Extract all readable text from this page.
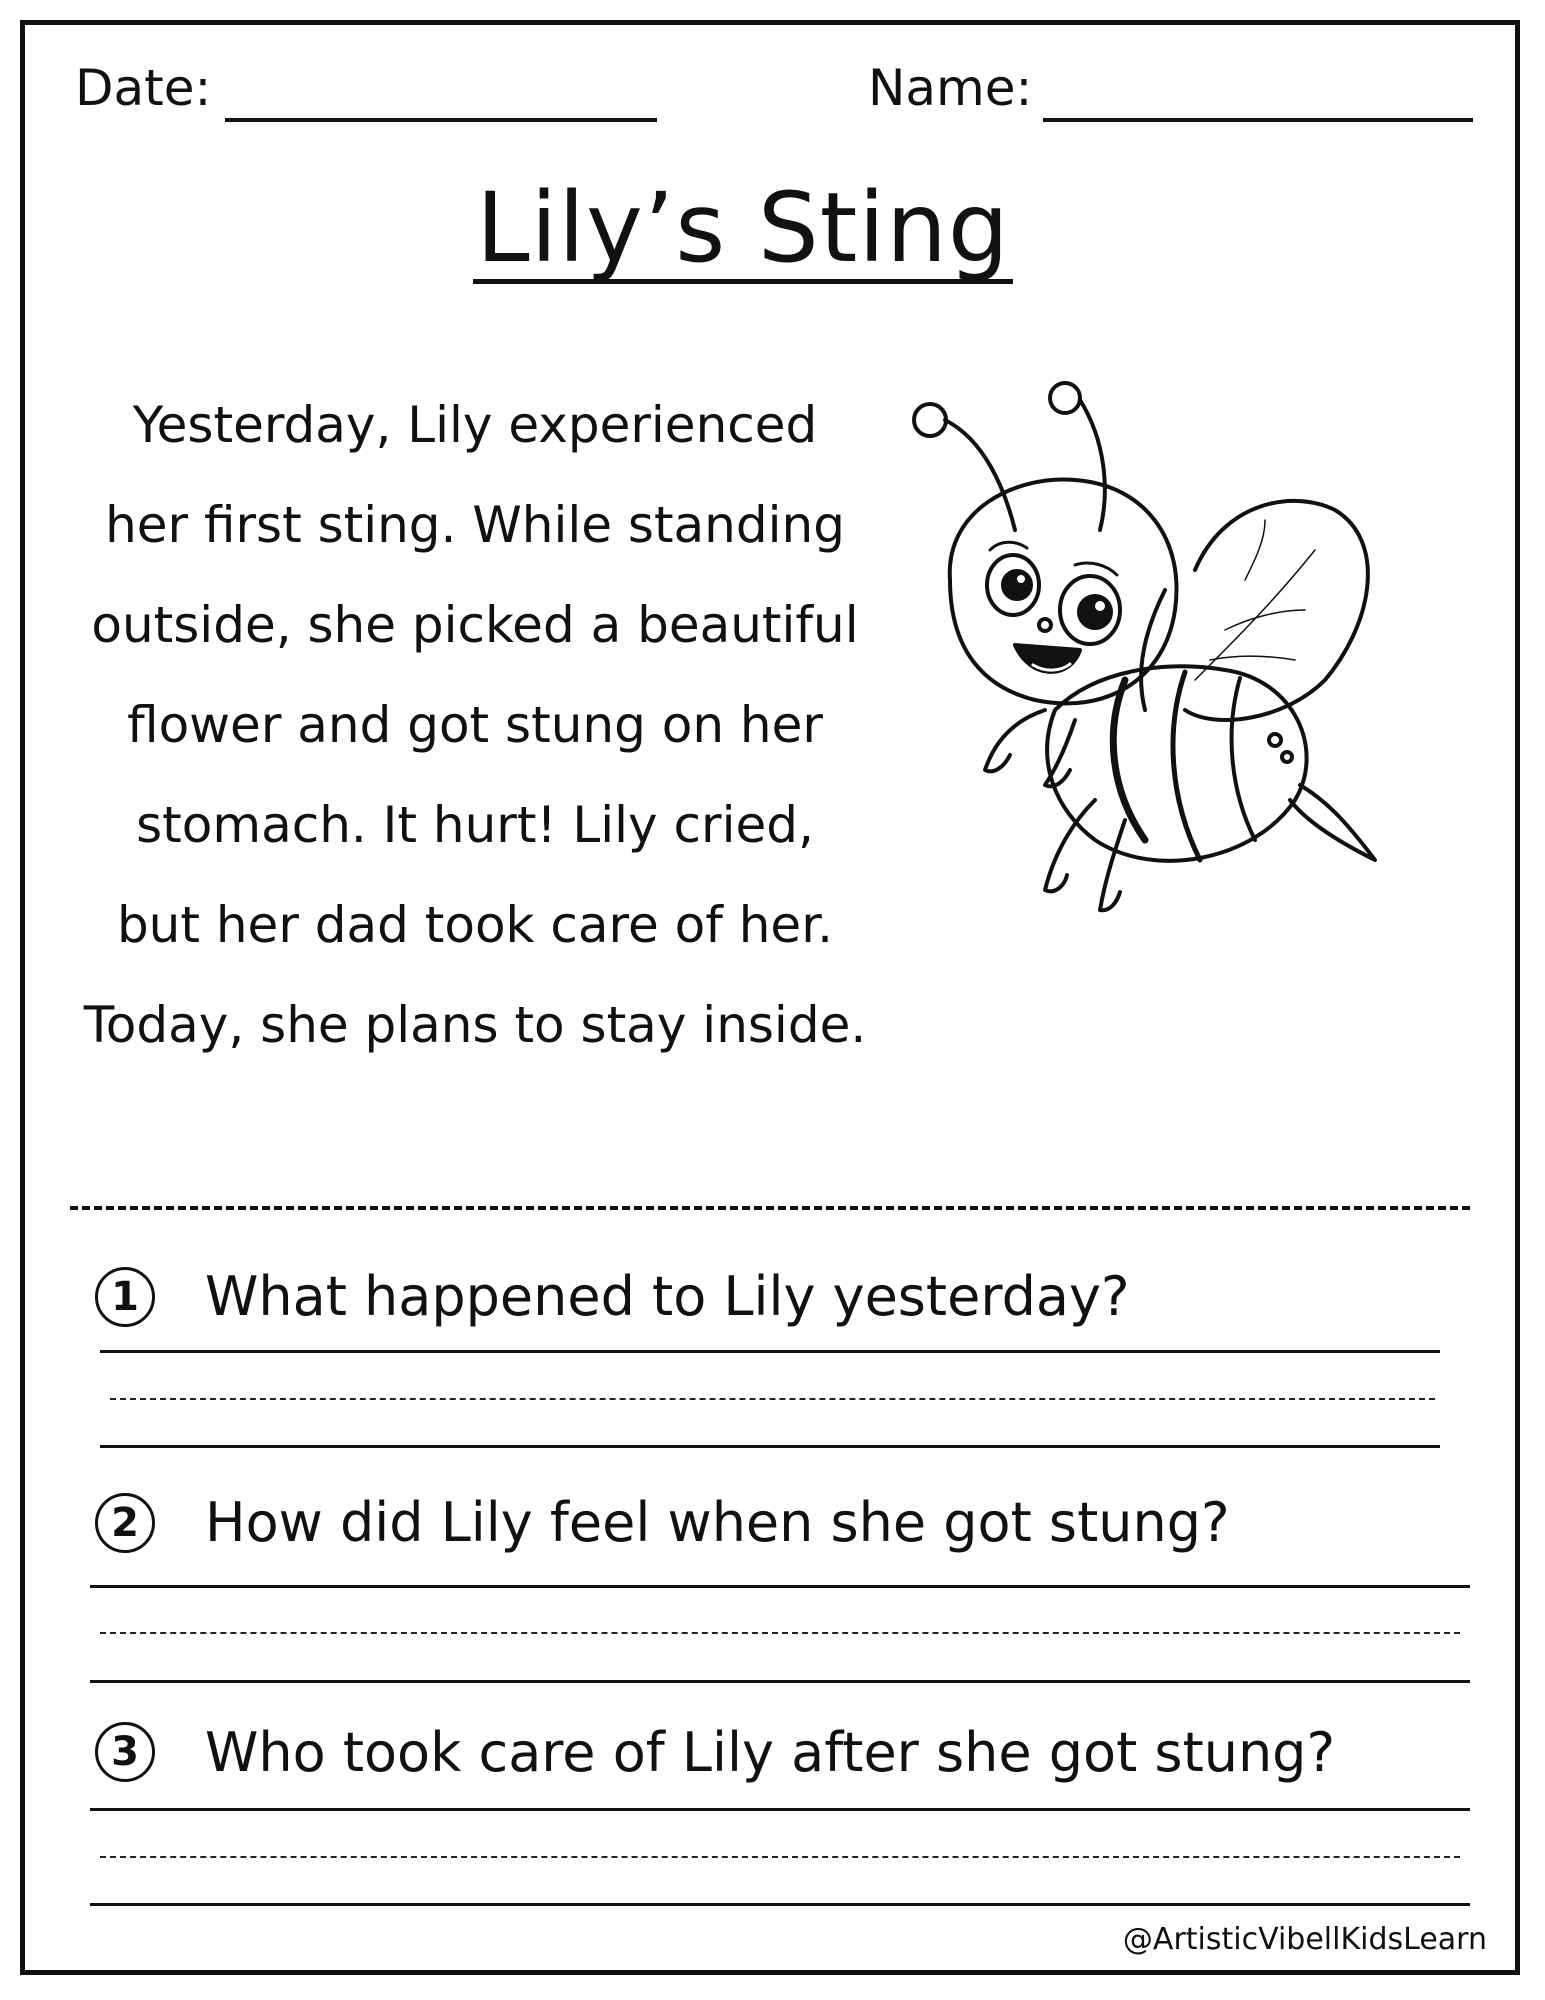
Date:	Name:
Lily’s Sting
Yesterday, Lily experienced
her first sting. While standing
outside, she picked a beautiful
flower and got stung on her
stomach. It hurt! Lily cried,
but her dad took care of her.
Today, she plans to stay inside.
1 What happened to Lily yesterday?
2 How did Lily feel when she got stung?
3 Who took care of Lily after she got stung?
@ArtisticVibellKidsLearn
